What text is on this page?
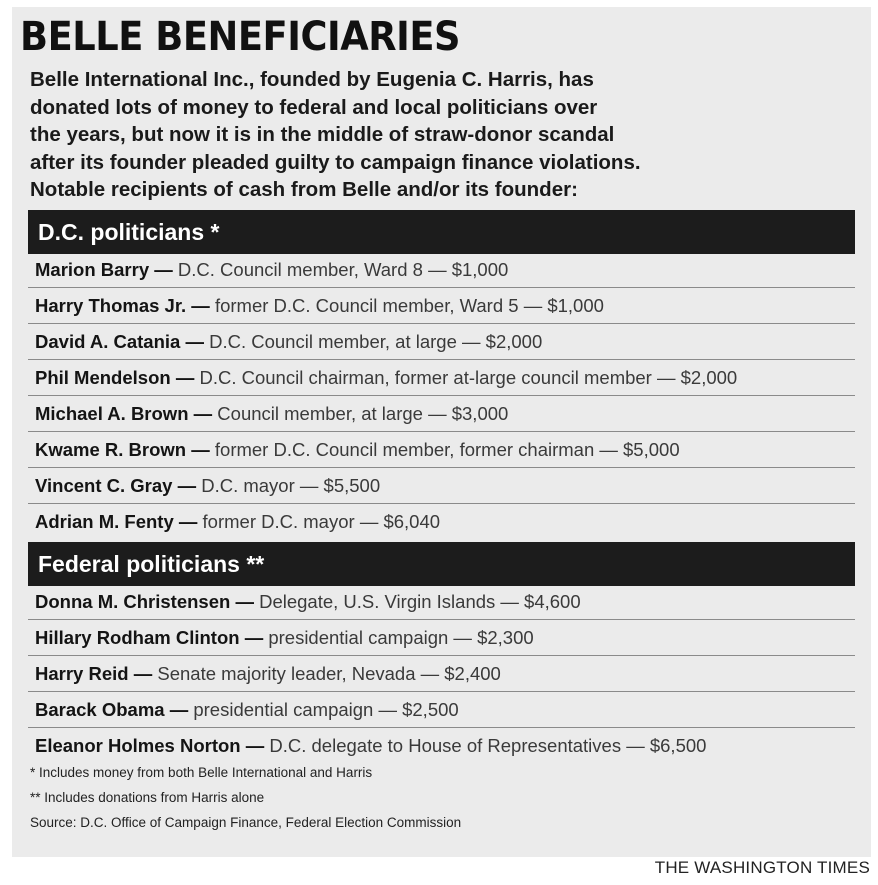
BELLE BENEFICIARIES
Belle International Inc., founded by Eugenia C. Harris, has
donated lots of money to federal and local politicians over
the years, but now it is in the middle of straw-donor scandal
after its founder pleaded guilty to campaign finance violations.
Notable recipients of cash from Belle and/or its founder:
D.C. politicians *
Marion Barry — D.C. Council member, Ward 8 — $1,000
Harry Thomas Jr. — former D.C. Council member, Ward 5 — $1,000
David A. Catania — D.C. Council member, at large — $2,000
Phil Mendelson — D.C. Council chairman, former at-large council member — $2,000
Michael A. Brown — Council member, at large — $3,000
Kwame R. Brown — former D.C. Council member, former chairman — $5,000
Vincent C. Gray — D.C. mayor — $5,500
Adrian M. Fenty — former D.C. mayor — $6,040
Federal politicians **
Donna M. Christensen — Delegate, U.S. Virgin Islands — $4,600
Hillary Rodham Clinton — presidential campaign — $2,300
Harry Reid — Senate majority leader, Nevada — $2,400
Barack Obama — presidential campaign — $2,500
Eleanor Holmes Norton — D.C. delegate to House of Representatives — $6,500
* Includes money from both Belle International and Harris
** Includes donations from Harris alone
Source: D.C. Office of Campaign Finance, Federal Election Commission
THE WASHINGTON TIMES
